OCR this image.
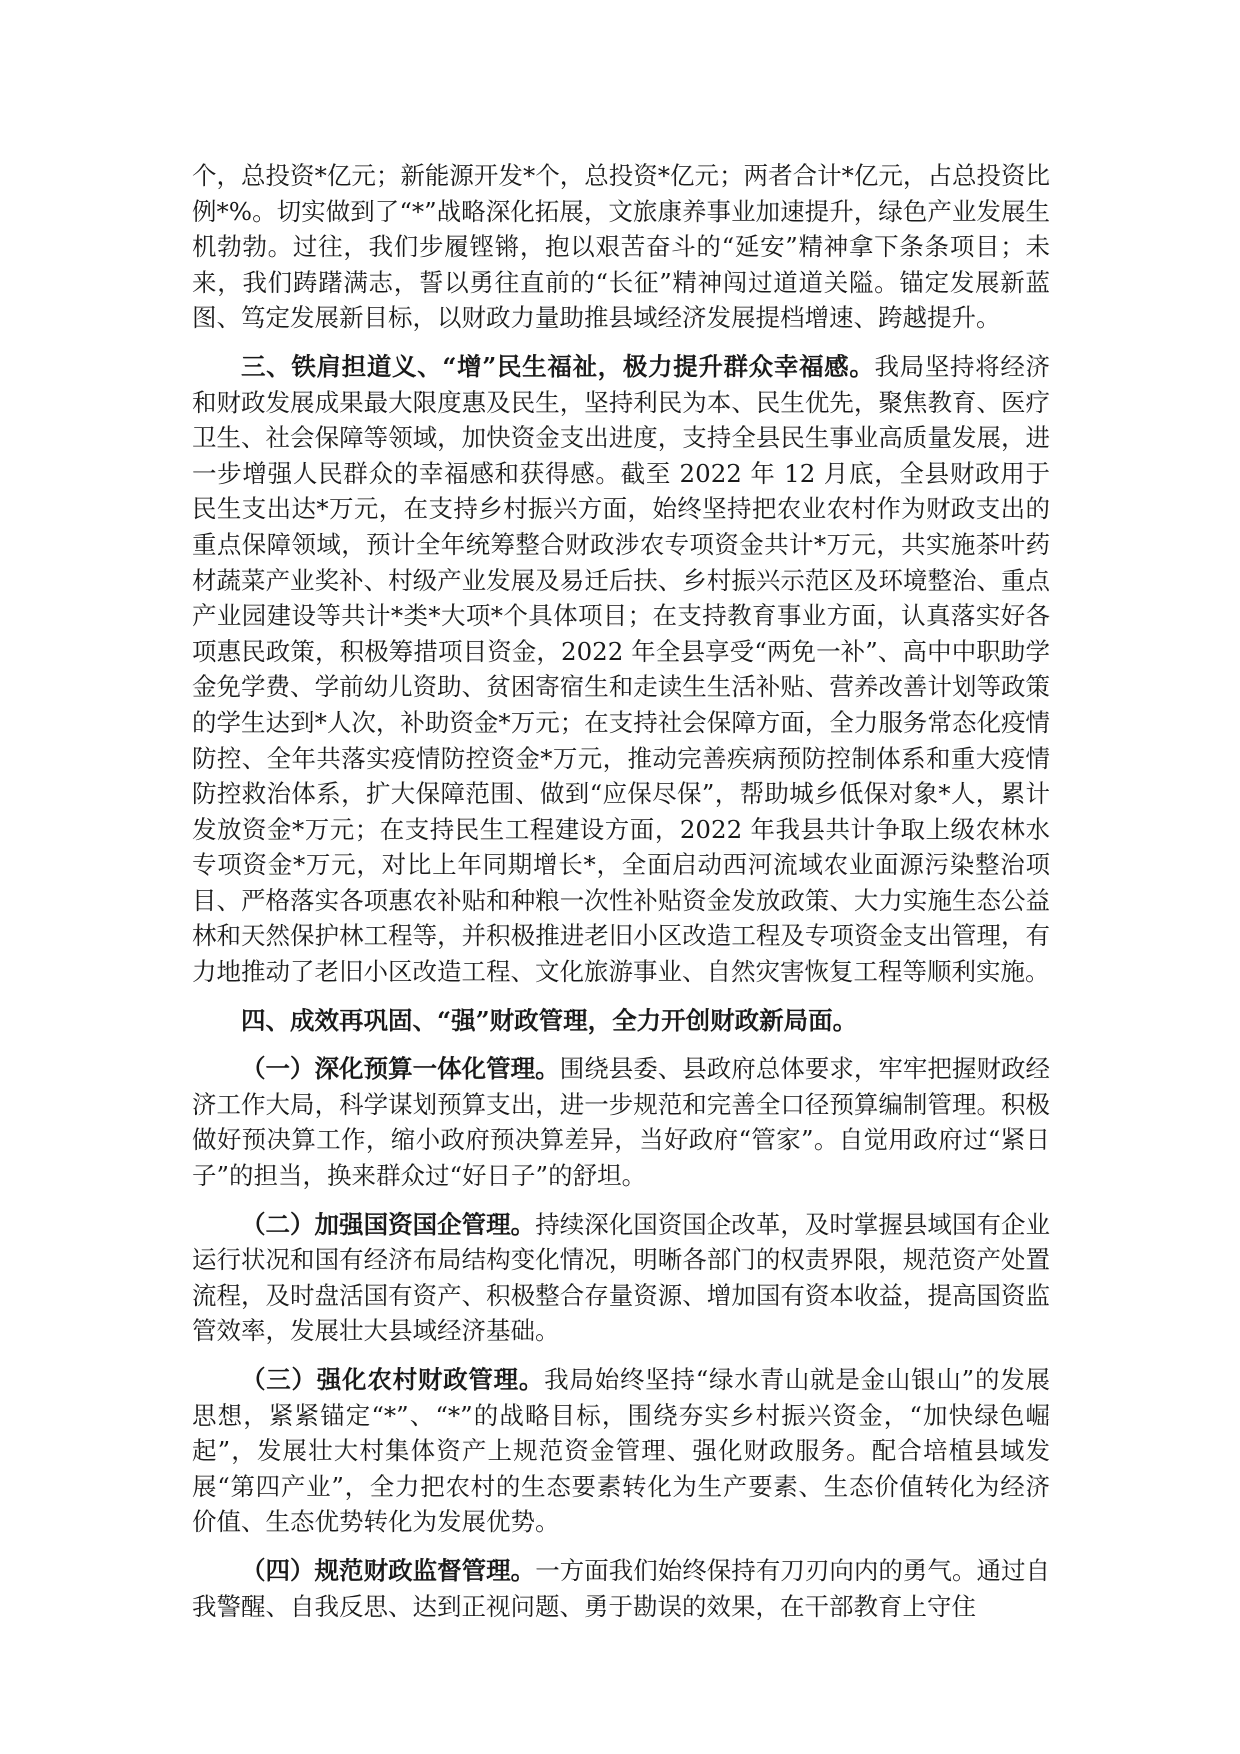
个，总投资*亿元；新能源开发*个，总投资*亿元；两者合计*亿元，占总投资比例*%。切实做到了“*”战略深化拓展，文旅康养事业加速提升，绿色产业发展生机勃勃。过往，我们步履铿锵，抱以艰苦奋斗的“延安”精神拿下条条项目；未来，我们踌躇满志，誓以勇往直前的“长征”精神闯过道道关隘。锚定发展新蓝图、笃定发展新目标，以财政力量助推县域经济发展提档增速、跨越提升。

三、铁肩担道义、“增”民生福祉，极力提升群众幸福感。我局坚持将经济和财政发展成果最大限度惠及民生，坚持利民为本、民生优先，聚焦教育、医疗卫生、社会保障等领域，加快资金支出进度，支持全县民生事业高质量发展，进一步增强人民群众的幸福感和获得感。截至 2022 年 12 月底，全县财政用于民生支出达*万元，在支持乡村振兴方面，始终坚持把农业农村作为财政支出的重点保障领域，预计全年统筹整合财政涉农专项资金共计*万元，共实施茶叶药材蔬菜产业奖补、村级产业发展及易迁后扶、乡村振兴示范区及环境整治、重点产业园建设等共计*类*大项*个具体项目；在支持教育事业方面，认真落实好各项惠民政策，积极筹措项目资金，2022 年全县享受“两免一补”、高中中职助学金免学费、学前幼儿资助、贫困寄宿生和走读生生活补贴、营养改善计划等政策的学生达到*人次，补助资金*万元；在支持社会保障方面，全力服务常态化疫情防控、全年共落实疫情防控资金*万元，推动完善疾病预防控制体系和重大疫情防控救治体系，扩大保障范围、做到“应保尽保”，帮助城乡低保对象*人，累计发放资金*万元；在支持民生工程建设方面，2022 年我县共计争取上级农林水专项资金*万元，对比上年同期增长*，全面启动西河流域农业面源污染整治项目、严格落实各项惠农补贴和种粮一次性补贴资金发放政策、大力实施生态公益林和天然保护林工程等，并积极推进老旧小区改造工程及专项资金支出管理，有力地推动了老旧小区改造工程、文化旅游事业、自然灾害恢复工程等顺利实施。

四、成效再巩固、“强”财政管理，全力开创财政新局面。

（一）深化预算一体化管理。围绕县委、县政府总体要求，牢牢把握财政经济工作大局，科学谋划预算支出，进一步规范和完善全口径预算编制管理。积极做好预决算工作，缩小政府预决算差异，当好政府“管家”。自觉用政府过“紧日子”的担当，换来群众过“好日子”的舒坦。

（二）加强国资国企管理。持续深化国资国企改革，及时掌握县域国有企业运行状况和国有经济布局结构变化情况，明晰各部门的权责界限，规范资产处置流程，及时盘活国有资产、积极整合存量资源、增加国有资本收益，提高国资监管效率，发展壮大县域经济基础。

（三）强化农村财政管理。我局始终坚持“绿水青山就是金山银山”的发展思想，紧紧锚定“*”、“*”的战略目标，围绕夯实乡村振兴资金，“加快绿色崛起”，发展壮大村集体资产上规范资金管理、强化财政服务。配合培植县域发展“第四产业”，全力把农村的生态要素转化为生产要素、生态价值转化为经济价值、生态优势转化为发展优势。

（四）规范财政监督管理。一方面我们始终保持有刀刃向内的勇气。通过自我警醒、自我反思、达到正视问题、勇于勘误的效果，在干部教育上守住
